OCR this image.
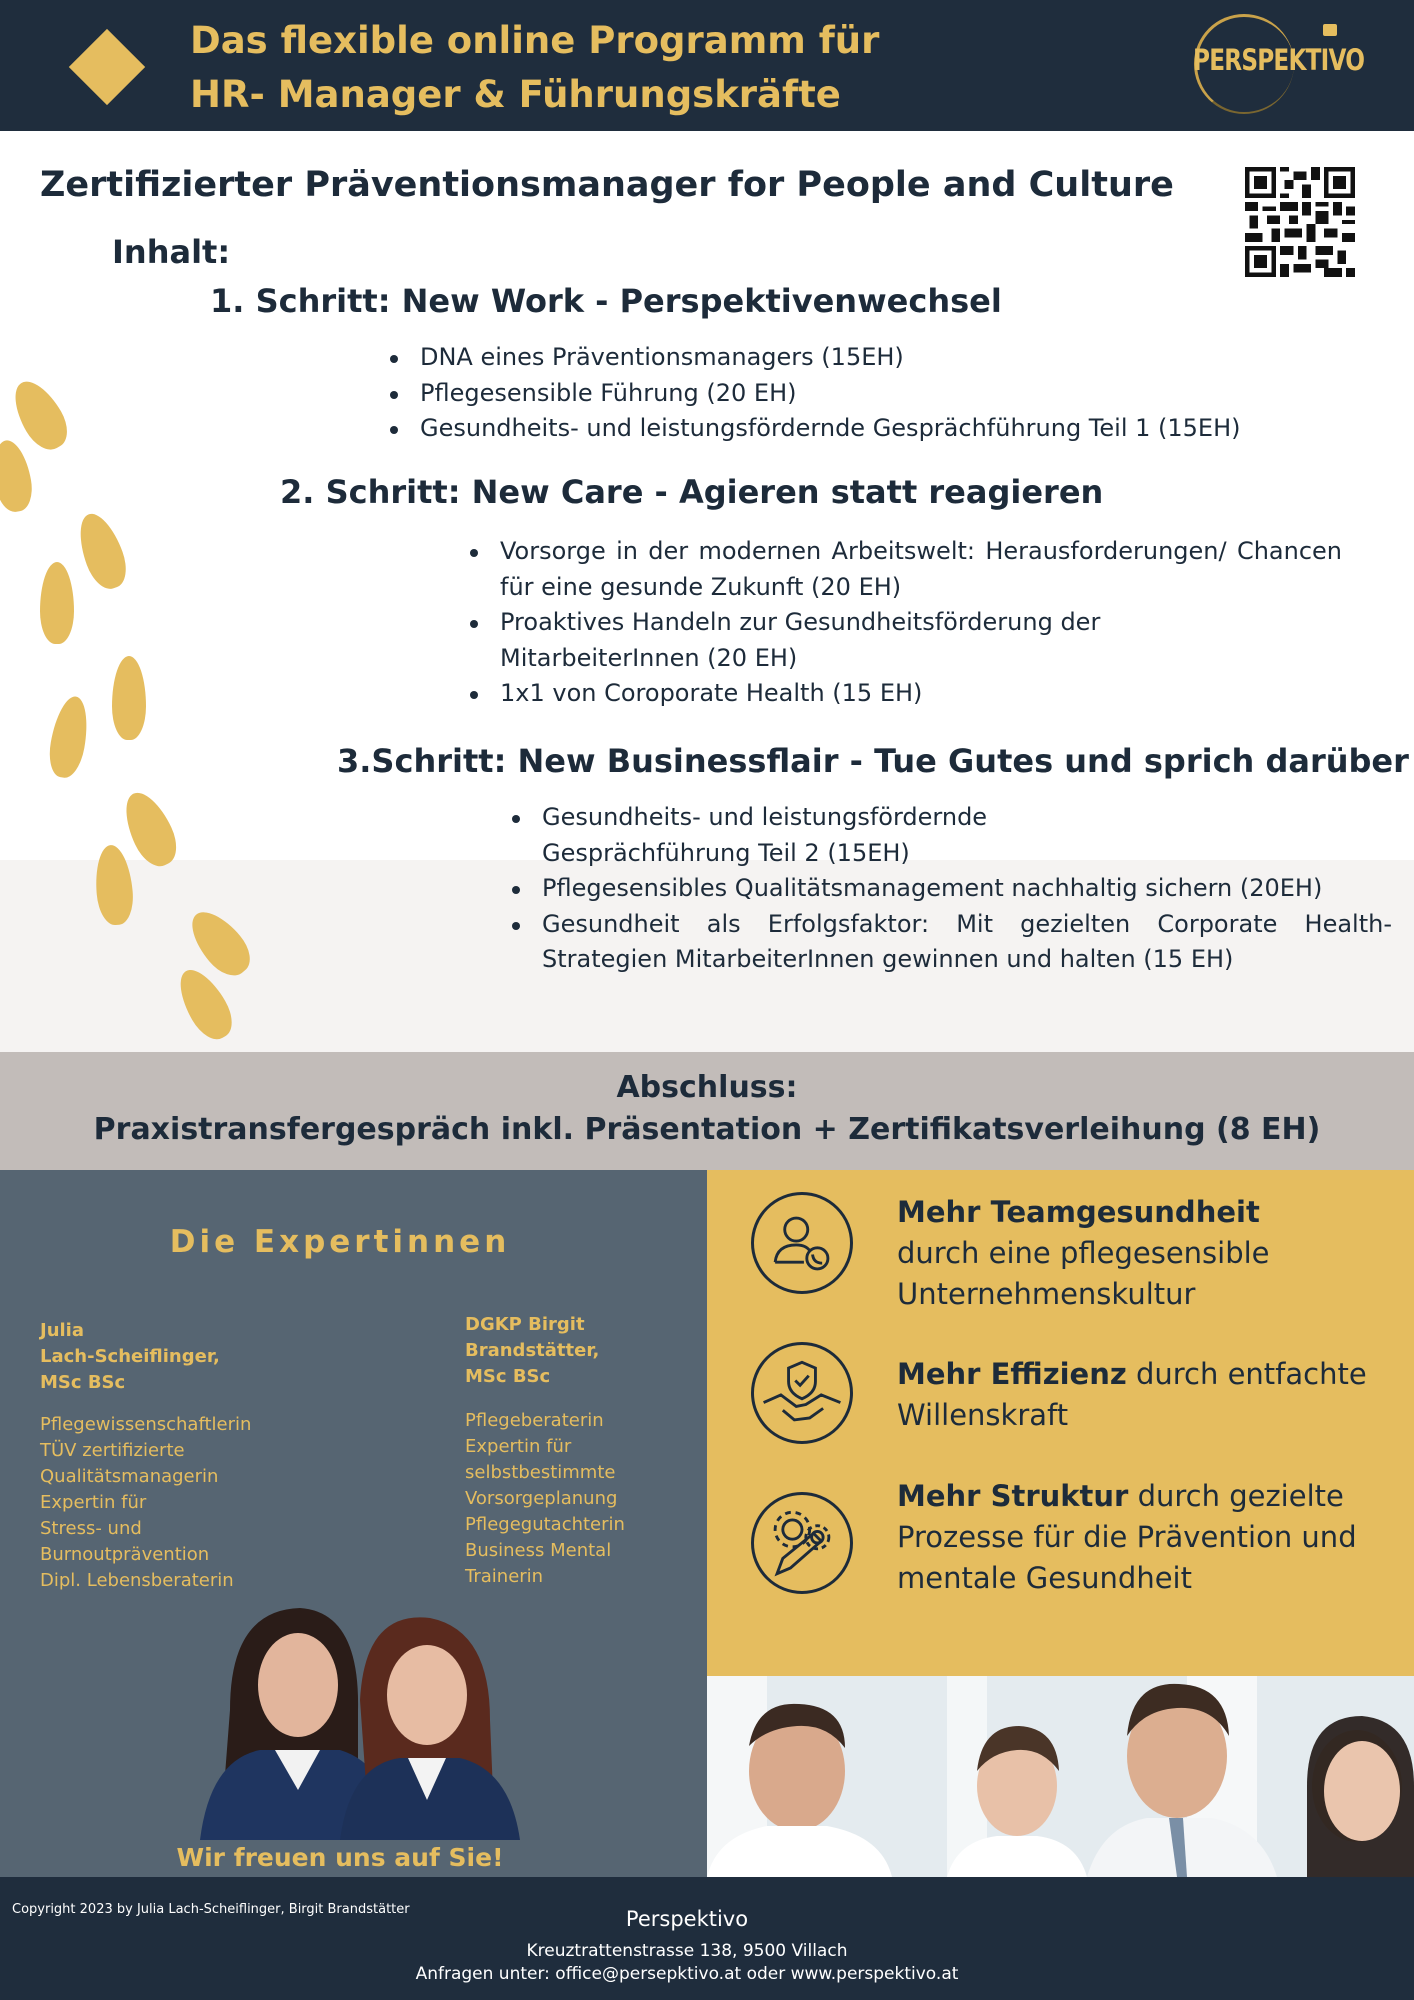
Das flexible online Programm für
HR- Manager & Führungskräfte
PERSPEKTIVO
Zertifizierter Präventionsmanager for People and Culture
Inhalt:
1. Schritt: New Work - Perspektivenwechsel
DNA eines Präventionsmanagers (15EH)
Pflegesensible Führung (20 EH)
Gesundheits- und leistungsfördernde Gesprächführung Teil 1 (15EH)
2. Schritt: New Care - Agieren statt reagieren
Vorsorge in der modernen Arbeitswelt: Herausforderungen/ Chancen für eine gesunde Zukunft (20 EH)
Proaktives Handeln zur Gesundheitsförderung der MitarbeiterInnen (20 EH)
1x1 von Coroporate Health (15 EH)
3.Schritt: New Businessflair - Tue Gutes und sprich darüber
Gesundheits- und leistungsfördernde Gesprächführung Teil 2 (15EH)
Pflegesensibles Qualitätsmanagement nachhaltig sichern (20EH)
Gesundheit als Erfolgsfaktor: Mit gezielten Corporate Health-Strategien MitarbeiterInnen gewinnen und halten (15 EH)
Abschluss:
Praxistransfergespräch inkl. Präsentation + Zertifikatsverleihung (8 EH)
Die Expertinnen
Julia
Lach-Scheiflinger,
MSc BSc
Pflegewissenschaftlerin
TÜV zertifizierte
Qualitätsmanagerin
Expertin für
Stress- und
Burnoutprävention
Dipl. Lebensberaterin
DGKP Birgit
Brandstätter,
MSc BSc
Pflegeberaterin
Expertin für
selbstbestimmte
Vorsorgeplanung
Pflegegutachterin
Business Mental
Trainerin
Wir freuen uns auf Sie!
Mehr Teamgesundheit
durch eine pflegesensible Unternehmenskultur
Mehr Effizienz durch entfachte Willenskraft
Mehr Struktur durch gezielte Prozesse für die Prävention und mentale Gesundheit
Copyright 2023 by Julia Lach-Scheiflinger, Birgit Brandstätter	Perspektivo
Kreuztrattenstrasse 138, 9500 Villach
Anfragen unter: office@persepktivo.at oder www.perspektivo.at
